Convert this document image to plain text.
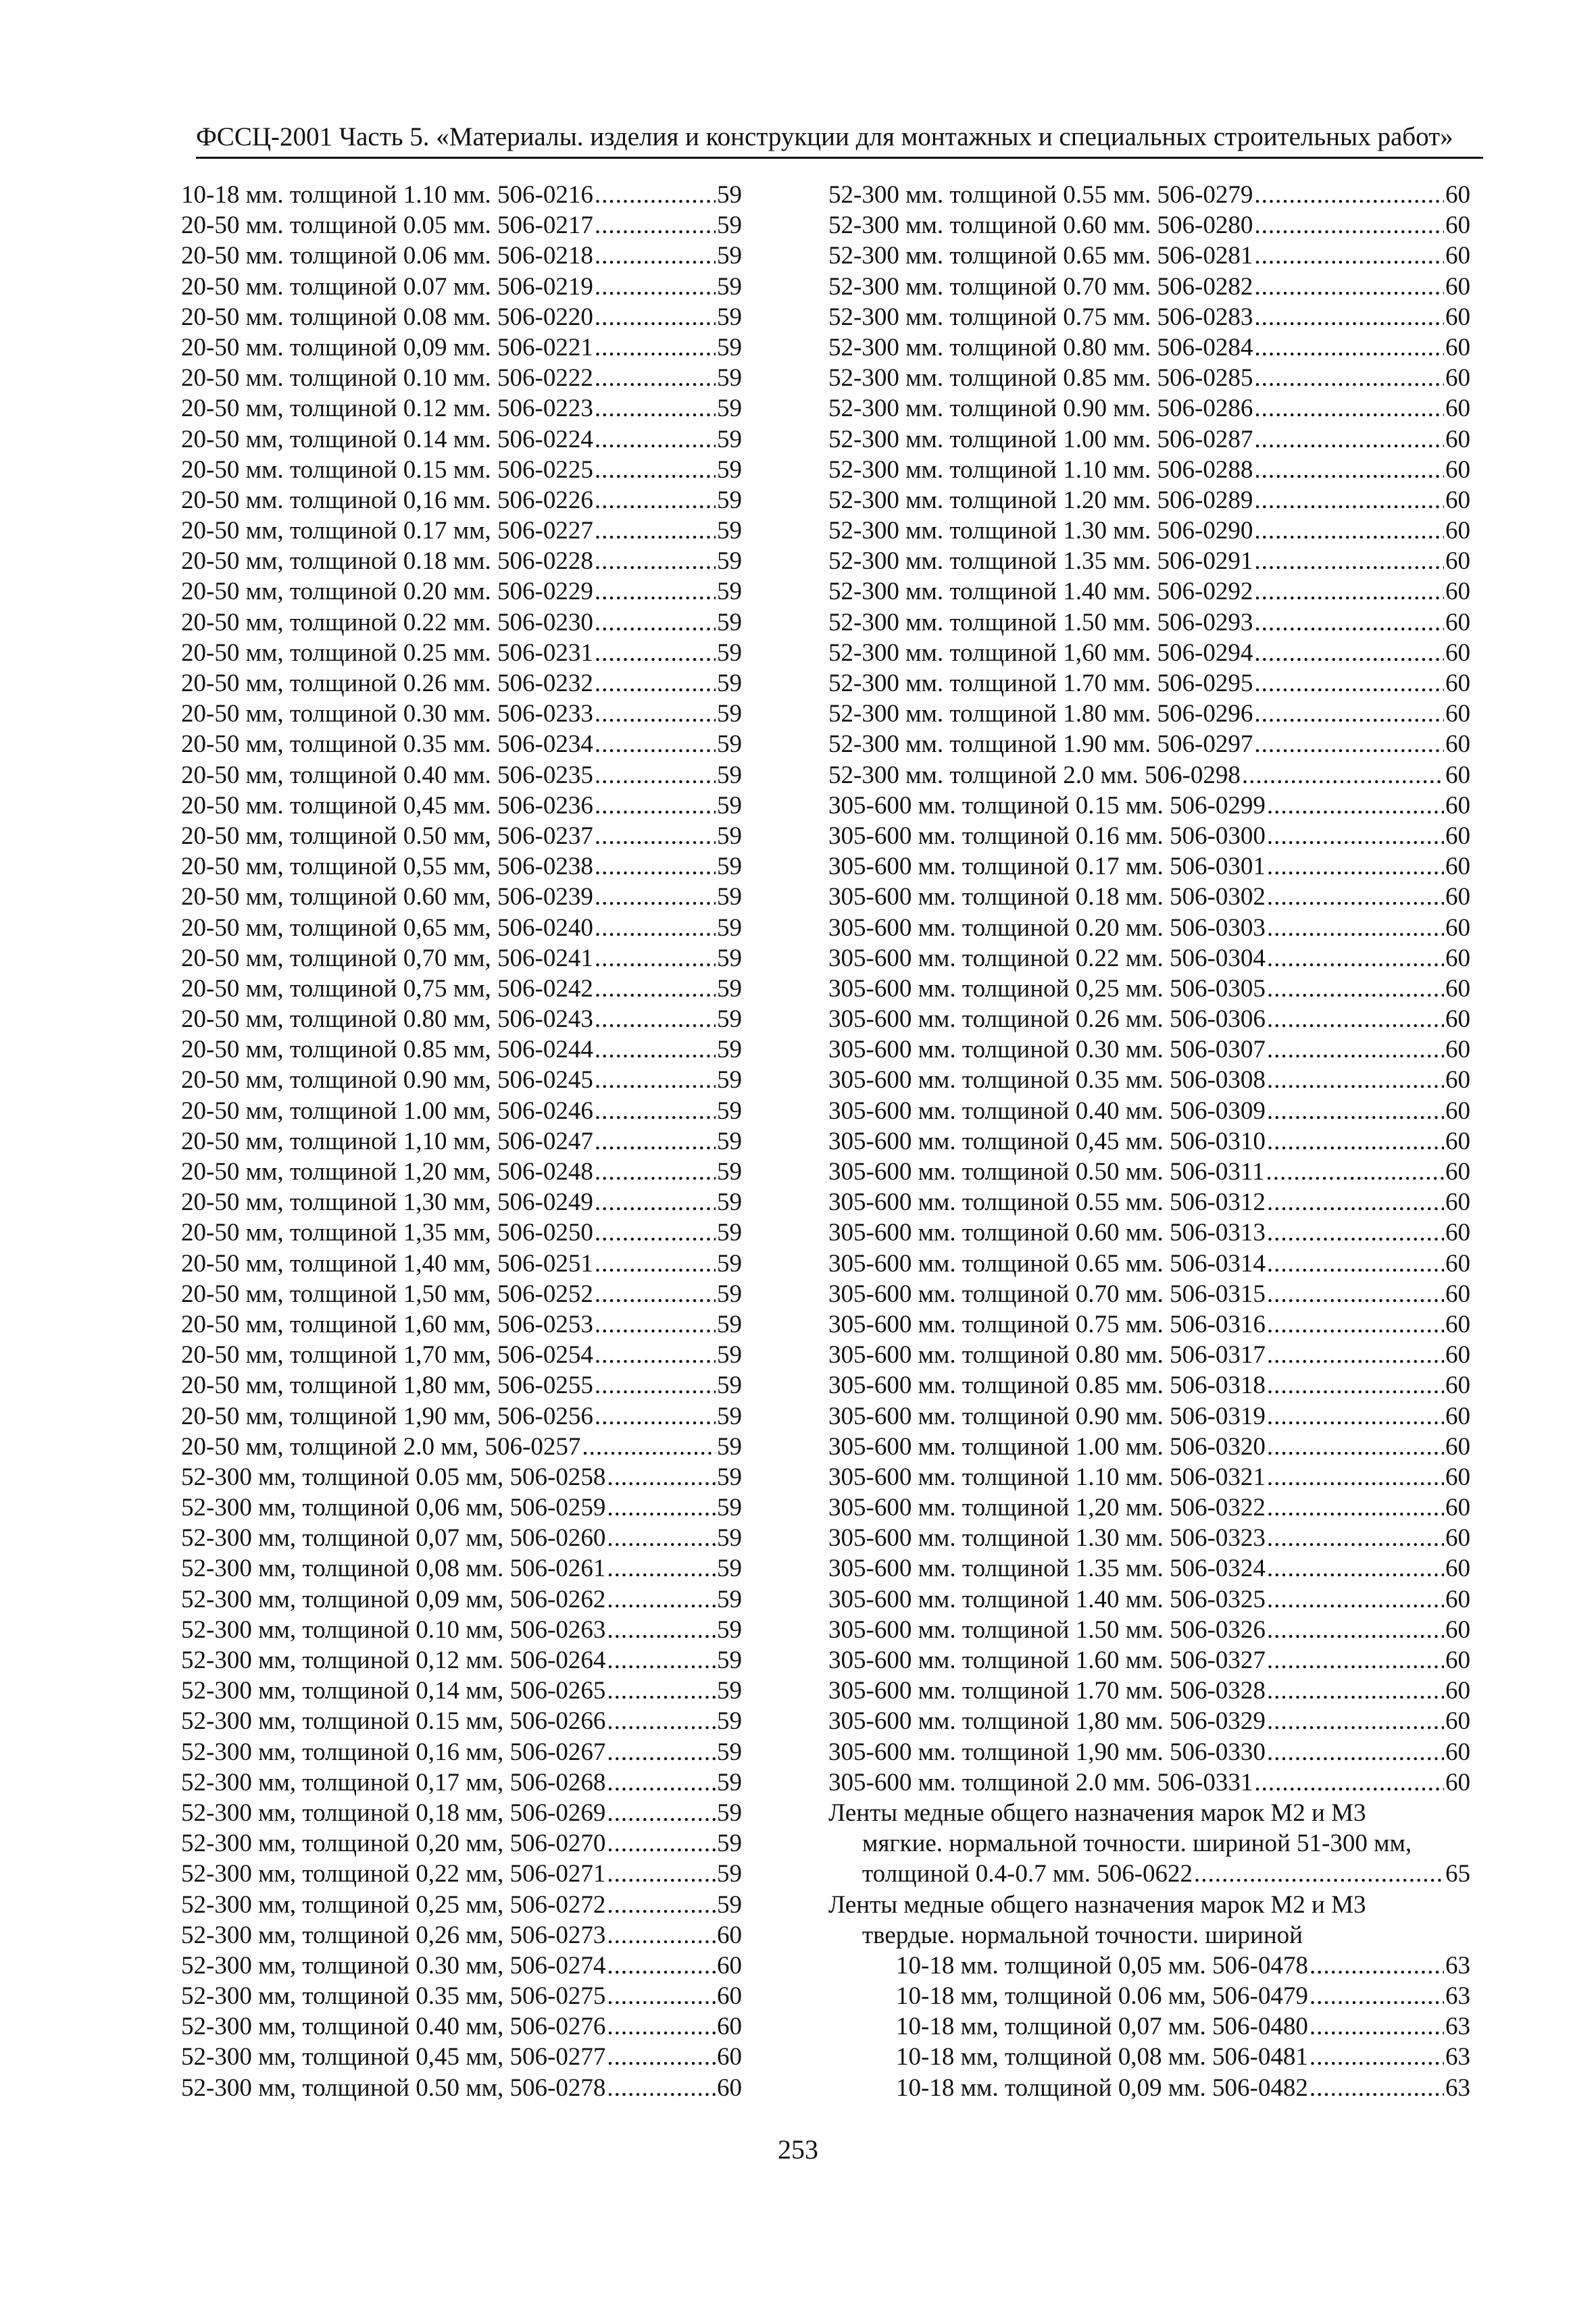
ФССЦ-2001 Часть 5. «Материалы. изделия и конструкции для монтажных и специальных строительных работ»
10-18 мм. толщиной 1.10 мм. 506-0216 .....	59
20-50 мм. толщиной 0.05 мм. 506-0217 .....	59
20-50 мм. толщиной 0.06 мм. 506-0218 .....	59
20-50 мм. толщиной 0.07 мм. 506-0219 .....	59
20-50 мм. толщиной 0.08 мм. 506-0220 .....	59
20-50 мм. толщиной 0,09 мм. 506-0221 .....	59
20-50 мм. толщиной 0.10 мм. 506-0222 .....	59
20-50 мм, толщиной 0.12 мм. 506-0223 .....	59
20-50 мм, толщиной 0.14 мм. 506-0224 .....	59
20-50 мм. толщиной 0.15 мм. 506-0225 .....	59
20-50 мм. толщиной 0,16 мм. 506-0226 .....	59
20-50 мм, толщиной 0.17 мм, 506-0227 .....	59
20-50 мм, толщиной 0.18 мм. 506-0228 .....	59
20-50 мм, толщиной 0.20 мм. 506-0229 .....	59
20-50 мм, толщиной 0.22 мм. 506-0230 .....	59
20-50 мм, толщиной 0.25 мм. 506-0231 .....	59
20-50 мм, толщиной 0.26 мм. 506-0232 .....	59
20-50 мм, толщиной 0.30 мм. 506-0233 .....	59
20-50 мм, толщиной 0.35 мм. 506-0234 .....	59
20-50 мм, толщиной 0.40 мм. 506-0235 .....	59
20-50 мм. толщиной 0,45 мм. 506-0236 .....	59
20-50 мм, толщиной 0.50 мм, 506-0237 .....	59
20-50 мм, толщиной 0,55 мм, 506-0238 .....	59
20-50 мм, толщиной 0.60 мм, 506-0239 .....	59
20-50 мм, толщиной 0,65 мм, 506-0240 .....	59
20-50 мм, толщиной 0,70 мм, 506-0241 .....	59
20-50 мм, толщиной 0,75 мм, 506-0242 .....	59
20-50 мм, толщиной 0.80 мм, 506-0243 .....	59
20-50 мм, толщиной 0.85 мм, 506-0244 .....	59
20-50 мм, толщиной 0.90 мм, 506-0245 .....	59
20-50 мм, толщиной 1.00 мм, 506-0246 .....	59
20-50 мм, толщиной 1,10 мм, 506-0247 .....	59
20-50 мм, толщиной 1,20 мм, 506-0248 .....	59
20-50 мм, толщиной 1,30 мм, 506-0249 .....	59
20-50 мм, толщиной 1,35 мм, 506-0250 .....	59
20-50 мм, толщиной 1,40 мм, 506-0251 .....	59
20-50 мм, толщиной 1,50 мм, 506-0252 .....	59
20-50 мм, толщиной 1,60 мм, 506-0253 .....	59
20-50 мм, толщиной 1,70 мм, 506-0254 .....	59
20-50 мм, толщиной 1,80 мм, 506-0255 .....	59
20-50 мм, толщиной 1,90 мм, 506-0256 .....	59
20-50 мм, толщиной 2.0 мм, 506-0257 .....	59
52-300 мм, толщиной 0.05 мм, 506-0258 .....	59
52-300 мм, толщиной 0,06 мм, 506-0259 .....	59
52-300 мм, толщиной 0,07 мм, 506-0260 .....	59
52-300 мм, толщиной 0,08 мм. 506-0261 .....	59
52-300 мм, толщиной 0,09 мм, 506-0262 .....	59
52-300 мм, толщиной 0.10 мм, 506-0263 .....	59
52-300 мм, толщиной 0,12 мм. 506-0264 .....	59
52-300 мм, толщиной 0,14 мм, 506-0265 .....	59
52-300 мм, толщиной 0.15 мм, 506-0266 .....	59
52-300 мм, толщиной 0,16 мм, 506-0267 .....	59
52-300 мм, толщиной 0,17 мм, 506-0268 .....	59
52-300 мм, толщиной 0,18 мм, 506-0269 .....	59
52-300 мм, толщиной 0,20 мм, 506-0270 .....	59
52-300 мм, толщиной 0,22 мм, 506-0271 .....	59
52-300 мм, толщиной 0,25 мм, 506-0272 .....	59
52-300 мм, толщиной 0,26 мм, 506-0273 .....	60
52-300 мм, толщиной 0.30 мм, 506-0274 .....	60
52-300 мм, толщиной 0.35 мм, 506-0275 .....	60
52-300 мм, толщиной 0.40 мм, 506-0276 .....	60
52-300 мм, толщиной 0,45 мм, 506-0277 .....	60
52-300 мм, толщиной 0.50 мм, 506-0278 .....	60
52-300 мм. толщиной 0.55 мм. 506-0279 .....	60
52-300 мм. толщиной 0.60 мм. 506-0280 .....	60
52-300 мм. толщиной 0.65 мм. 506-0281 .....	60
52-300 мм. толщиной 0.70 мм. 506-0282 .....	60
52-300 мм. толщиной 0.75 мм. 506-0283 .....	60
52-300 мм. толщиной 0.80 мм. 506-0284 .....	60
52-300 мм. толщиной 0.85 мм. 506-0285 .....	60
52-300 мм. толщиной 0.90 мм. 506-0286 .....	60
52-300 мм. толщиной 1.00 мм. 506-0287 .....	60
52-300 мм. толщиной 1.10 мм. 506-0288 .....	60
52-300 мм. толщиной 1.20 мм. 506-0289 .....	60
52-300 мм. толщиной 1.30 мм. 506-0290 .....	60
52-300 мм. толщиной 1.35 мм. 506-0291 .....	60
52-300 мм. толщиной 1.40 мм. 506-0292 .....	60
52-300 мм. толщиной 1.50 мм. 506-0293 .....	60
52-300 мм. толщиной 1,60 мм. 506-0294 .....	60
52-300 мм. толщиной 1.70 мм. 506-0295 .....	60
52-300 мм. толщиной 1.80 мм. 506-0296 .....	60
52-300 мм. толщиной 1.90 мм. 506-0297 .....	60
52-300 мм. толщиной 2.0 мм. 506-0298 .....	60
305-600 мм. толщиной 0.15 мм. 506-0299 .....	60
305-600 мм. толщиной 0.16 мм. 506-0300 .....	60
305-600 мм. толщиной 0.17 мм. 506-0301 .....	60
305-600 мм. толщиной 0.18 мм. 506-0302 .....	60
305-600 мм. толщиной 0.20 мм. 506-0303 .....	60
305-600 мм. толщиной 0.22 мм. 506-0304 .....	60
305-600 мм. толщиной 0,25 мм. 506-0305 .....	60
305-600 мм. толщиной 0.26 мм. 506-0306 .....	60
305-600 мм. толщиной 0.30 мм. 506-0307 .....	60
305-600 мм. толщиной 0.35 мм. 506-0308 .....	60
305-600 мм. толщиной 0.40 мм. 506-0309 .....	60
305-600 мм. толщиной 0,45 мм. 506-0310 .....	60
305-600 мм. толщиной 0.50 мм. 506-0311 .....	60
305-600 мм. толщиной 0.55 мм. 506-0312 .....	60
305-600 мм. толщиной 0.60 мм. 506-0313 .....	60
305-600 мм. толщиной 0.65 мм. 506-0314 .....	60
305-600 мм. толщиной 0.70 мм. 506-0315 .....	60
305-600 мм. толщиной 0.75 мм. 506-0316 .....	60
305-600 мм. толщиной 0.80 мм. 506-0317 .....	60
305-600 мм. толщиной 0.85 мм. 506-0318 .....	60
305-600 мм. толщиной 0.90 мм. 506-0319 .....	60
305-600 мм. толщиной 1.00 мм. 506-0320 .....	60
305-600 мм. толщиной 1.10 мм. 506-0321 .....	60
305-600 мм. толщиной 1,20 мм. 506-0322 .....	60
305-600 мм. толщиной 1.30 мм. 506-0323 .....	60
305-600 мм. толщиной 1.35 мм. 506-0324 .....	60
305-600 мм. толщиной 1.40 мм. 506-0325 .....	60
305-600 мм. толщиной 1.50 мм. 506-0326 .....	60
305-600 мм. толщиной 1.60 мм. 506-0327 .....	60
305-600 мм. толщиной 1.70 мм. 506-0328 .....	60
305-600 мм. толщиной 1,80 мм. 506-0329 .....	60
305-600 мм. толщиной 1,90 мм. 506-0330 .....	60
305-600 мм. толщиной 2.0 мм. 506-0331 .....	60
Ленты медные общего назначения марок М2 и М3
мягкие. нормальной точности. шириной 51-300 мм,
толщиной 0.4-0.7 мм. 506-0622 .....	65
Ленты медные общего назначения марок М2 и М3
твердые. нормальной точности. шириной
10-18 мм. толщиной 0,05 мм. 506-0478 .....	63
10-18 мм, толщиной 0.06 мм, 506-0479 .....	63
10-18 мм, толщиной 0,07 мм. 506-0480 .....	63
10-18 мм, толщиной 0,08 мм. 506-0481 .....	63
10-18 мм. толщиной 0,09 мм. 506-0482 .....	63
253
